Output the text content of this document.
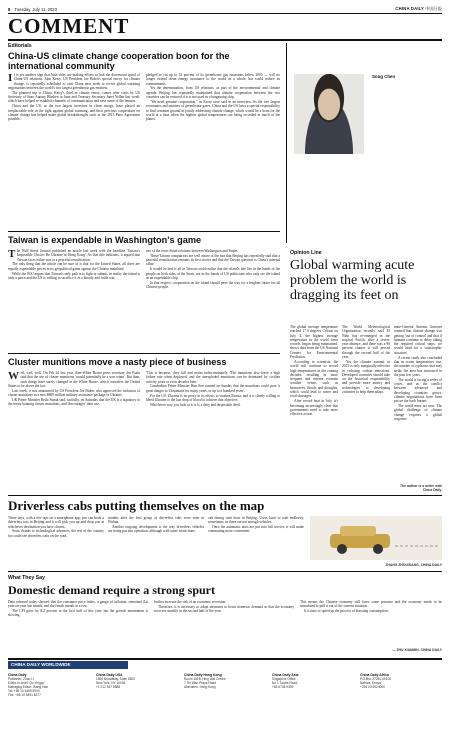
8 Tuesday, July 11, 2023	CHINA DAILY 中国日报
COMMENT
Editorials
China-US climate change cooperation boon for the international community

It is yet another sign that both sides are making efforts to halt the downward spiral of China-US relations. John Kerry, US President Joe Biden's special envoy for climate change, is reportedly scheduled to visit China next week to revive global warming negotiations between the world's two largest greenhouse gas emitters.

The planned trip to China, Kerry's third as climate envoy, comes after visits by US Secretary of State Antony Blinken in June and Treasury Secretary Janet Yellen last week, which have helped re-establish channels of communication and ease some of the tension.

China and the US, as the two largest investors in clean energy, have played an irreplaceable role in the fight against global warming, and their previous cooperation on climate change has helped make global breakthroughs such as the 2015 Paris Agreement possible.

pledged to cut up to 52 percent of its greenhouse gas emissions below 2005 — will no longer extend clean energy assistance to the world as a whole, but could reduce its commitments.

Yet the determination, from US relations, as part of the environmental and climate agenda, Beijing has repeatedly maintained that climate cooperation between the two countries can be restored if it is not used as a bargaining chip.

"We need genuine cooperation," as Kerry once said in an interview. As the two largest economies and emitters of greenhouse gases, China and the US have a special responsibility to find common ground in jointly addressing climate change, which would be a boon for the world at a time when the highest global temperatures are being recorded in much of the planet.

Taiwan is expendable in Washington's game

The Wall Street Journal published an article last week with the headline 'Taiwan's Impossible Choice: Be Ukraine or Hong Kong'. As that title indicates, it argued that Taiwan faces either war or a peaceful reunification.

The only thing that the article can be sure of is that for the United States, all three are equally expendable pieces in its geopolitical game against the Chinese mainland.

While the WSJ argues that Taiwan's only path is to fight or submit, in reality the island is only a pawn and the US is willing to sacrifice it as a bloody and futile war.

ties of the cross-Strait relations between Washington and Taipei.

These Taiwan compatriots are well aware of the fact that Beijing has repeatedly said that a peaceful reunification remains its first choice and that the Taiwan question is China's internal affair.

It would be best if all in Taiwan could realize that the island's fate lies in the hands of the people on both sides of the Strait, not in the hands of US politicians who only see the island as an expendable chip.

In that respect, cooperation on the island should pave the way for a brighter future for all Chinese people.

Cluster munitions move a nasty piece of business

Well, well, well. On Feb 24 last year, then-White House press secretary Jen Psaki said that the use of cluster munitions 'would potentially be a war crime'. But then, such things have surely changed at the White House, which considers the United States to be above the law.

Last week, it was announced by US President Joe Biden, who approved the inclusion of cluster munitions in a new $800 million military assistance package to Ukraine.

UK Prime Minister Rishi Sunak said, tactfully, on Saturday that the UK is a signatory to the treaty banning cluster munitions, and 'discourages' their use.

'This is because,' they kill and maim indiscriminately. 'The munitions also leave a high failure rate when deployed, and the unexploded munitions can be detonated by civilian activity years or even decades later.'

Cambodian Prime Minister Hun Sen warned on Sunday that the munitions could pose 'a great danger to Ukrainians for many years, or up to a hundred years'.

For the US, Ukraine is its proxy in its efforts to weaken Russia, and it is clearly willing to bleed Ukraine to the last drop of blood to achieve that objective.

Whichever way you look at it, it is a dirty and despicable deed.

Song Chen
Opinion Line
Global warming acute problem the world is dragging its feet on

The global average temperature reached 17.0 degrees Celsius on July 4, the highest average temperature in the world since records began being maintained, shows data from the US National Centers for Environmental Prediction.

According to scientists, the world will continue to record high temperatures in the coming decades, resulting in more frequent and intense extreme weather events such as heatwaves, floods and droughts, which could lead to water and food shortages.

After record heat in July, it's becoming increasingly clear that governments need to take more effective action.

The World Meteorological Organization recently said El Niño has re-emerged in the tropical Pacific after a seven-year absence, and there was a 90 percent chance it will persist through the second half of the year.

Yet the climate summit in 2015 is only marginally effective in reducing carbon emissions. Developed countries should take on the historical responsibility and provide more money and technologies to developing countries to help them adapt.

mate-General Antonio Guterres warned that climate change was getting 'out of control' and that if humans continue to delay taking the required critical steps, we would head for a 'catastrophic situation'.

A recent study also concluded that as ocean temperatures rise, the number of typhoons that may strike the area has increased in the past few years.

The world is facing a series of crises, and as the conflict between advanced and developing countries grows, climate negotiations have been put on the back burner.

The world must act now. The global challenge of climate change requires a global response.

The author is a writer with China Daily.
Driverless cabs putting themselves on the map

These days, with a few taps on a smartphone app, you can book a driverless taxi in Beijing and it will pick you up and drop you at whichever destination you have chosen.

Soon, thanks to technological advances, the rest of the country too could see driverless cabs on the road.

months after the first group of driverless cabs were seen in Wuhan.

Another ongoing development is the way driverless vehicles are being put into operation, although with some restrictions.

cab during rush hour in Beijing. Users have to wait endlessly, sometimes, as there are not enough vehicles.

Once the automatic taxis are put into full service, it will make commuting more convenient.

ZHANG ZHOUXIANG, CHINA DAILY
What They Say
Domestic demand require a strong spurt

Data released today showed that the consumer price index, a gauge of inflation, remained flat year-on-year last month, and the fourth month in a row.

The CPI grew by 0.2 percent in the first half of this year, but the growth momentum is slowing.

further increase the risk of an economic recession.

Therefore, it is necessary to adopt measures to boost domestic demand so that the economy recovers steadily in the second half of the year.

This means the Chinese economy still faces some pressure and the economy needs to be stimulated to pull it out of the current situation.

It is time to speed up the process of boosting consumption.

— ZHU XIANMIN, CHINA DAILY
CHINA DAILY WORLDWIDE
China Daily
Publisher: Zhou Li
Editor-in-chief: Qu Yingpu
Managing Editor: Wang Hao
Tel: +86 10 6499 5000
Fax: +86 10 6491 8377
China Daily USA
1500 Broadway, Suite 2800
New York, NY 10036
+1 212 537 8888
China Daily Hong Kong
Room 1818, Hing Wai Centre
7 Tin Wan Praya Road
Aberdeen, Hong Kong
China Daily Asia
Singapore Office
No 1 Scotts Road
+65 6738 9399
China Daily Africa
P.O.Box 27281-00100
Nairobi, Kenya
+254 20 6924000
